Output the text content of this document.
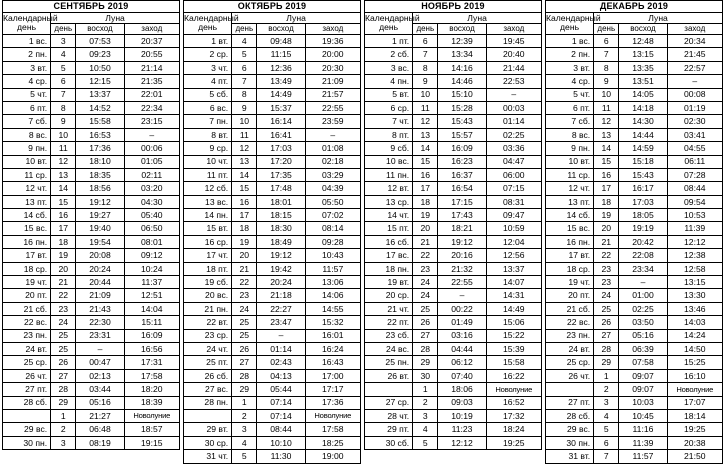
СЕНТЯБРЬ 2019			
Календарный день	Луна		
	день	восход	заход
1 вс.	3	07:53	20:37
2 пн.	4	09:23	20:55
3 вт.	5	10:50	21:14
4 ср.	6	12:15	21:35
5 чт.	7	13:37	22:01
6 пт.	8	14:52	22:34
7 сб.	9	15:58	23:15
8 вс.	10	16:53	–
9 пн.	11	17:36	00:06
10 вт.	12	18:10	01:05
11 ср.	13	18:35	02:11
12 чт.	14	18:56	03:20
13 пт.	15	19:12	04:30
14 сб.	16	19:27	05:40
15 вс.	17	19:40	06:50
16 пн.	18	19:54	08:01
17 вт.	19	20:08	09:12
18 ср.	20	20:24	10:24
19 чт.	21	20:44	11:37
20 пт.	22	21:09	12:51
21 сб.	23	21:43	14:04
22 вс.	24	22:30	15:11
23 пн.	25	23:31	16:09
24 вт.	25	–	16:56
25 ср.	26	00:47	17:31
26 чт.	27	02:13	17:58
27 пт.	28	03:44	18:20
28 сб.	29	05:16	18:39
	1	21:27	Новолуние
29 вс.	2	06:48	18:57
30 пн.	3	08:19	19:15
ОКТЯБРЬ 2019			
Календарный день	Луна		
	день	восход	заход
1 вт.	4	09:48	19:36
2 ср.	5	11:15	20:00
3 чт.	6	12:36	20:30
4 пт.	7	13:49	21:09
5 сб.	8	14:49	21:57
6 вс.	9	15:37	22:55
7 пн.	10	16:14	23:59
8 вт.	11	16:41	–
9 ср.	12	17:03	01:08
10 чт.	13	17:20	02:18
11 пт.	14	17:35	03:29
12 сб.	15	17:48	04:39
13 вс.	16	18:01	05:50
14 пн.	17	18:15	07:02
15 вт.	18	18:30	08:14
16 ср.	19	18:49	09:28
17 чт.	20	19:12	10:43
18 пт.	21	19:42	11:57
19 сб.	22	20:24	13:06
20 вс.	23	21:18	14:06
21 пн.	24	22:27	14:55
22 вт.	25	23:47	15:32
23 ср.	25	–	16:01
24 чт.	26	01:14	16:24
25 пт.	27	02:43	16:43
26 сб.	28	04:13	17:00
27 вс.	29	05:44	17:17
28 пн.	1	07:14	17:36
	2	07:14	Новолуние
29 вт.	3	08:44	17:58
30 ср.	4	10:10	18:25
31 чт.	5	11:30	19:00
НОЯБРЬ 2019			
Календарный день	Луна		
	день	восход	заход
1 пт.	6	12:39	19:45
2 сб.	7	13:34	20:40
3 вс.	8	14:16	21:44
4 пн.	9	14:46	22:53
5 вт.	10	15:10	–
6 ср.	11	15:28	00:03
7 чт.	12	15:43	01:14
8 пт.	13	15:57	02:25
9 сб.	14	16:09	03:36
10 вс.	15	16:23	04:47
11 пн.	16	16:37	06:00
12 вт.	17	16:54	07:15
13 ср.	18	17:15	08:31
14 чт.	19	17:43	09:47
15 пт.	20	18:21	10:59
16 сб.	21	19:12	12:04
17 вс.	22	20:16	12:56
18 пн.	23	21:32	13:37
19 вт.	24	22:55	14:07
20 ср.	24	–	14:31
21 чт.	25	00:22	14:49
22 пт.	26	01:49	15:06
23 сб.	27	03:16	15:22
24 вс.	28	04:44	15:39
25 пн.	29	06:12	15:58
26 вт.	30	07:40	16:22
	1	18:06	Новолуние
27 ср.	2	09:03	16:52
28 чт.	3	10:19	17:32
29 пт.	4	11:23	18:24
30 сб.	5	12:12	19:25
ДЕКАБРЬ 2019			
Календарный день	Луна		
	день	восход	заход
1 вс.	6	12:48	20:34
2 пн.	7	13:15	21:45
3 вт.	8	13:35	22:57
4 ср.	9	13:51	–
5 чт.	10	14:05	00:08
6 пт.	11	14:18	01:19
7 сб.	12	14:30	02:30
8 вс.	13	14:44	03:41
9 пн.	14	14:59	04:55
10 вт.	15	15:18	06:11
11 ср.	16	15:43	07:28
12 чт.	17	16:17	08:44
13 пт.	18	17:03	09:54
14 сб.	19	18:05	10:53
15 вс.	20	19:19	11:39
16 пн.	21	20:42	12:12
17 вт.	22	22:08	12:38
18 ср.	23	23:34	12:58
19 чт.	23	–	13:15
20 пт.	24	01:00	13:30
21 сб.	25	02:25	13:46
22 вс.	26	03:50	14:03
23 пн.	27	05:16	14:24
24 вт.	28	06:39	14:50
25 ср.	29	07:58	15:25
26 чт.	1	09:07	16:10
	2	09:07	Новолуние
27 пт.	3	10:03	17:07
28 сб.	4	10:45	18:14
29 вс.	5	11:16	19:25
30 пн.	6	11:39	20:38
31 вт.	7	11:57	21:50
